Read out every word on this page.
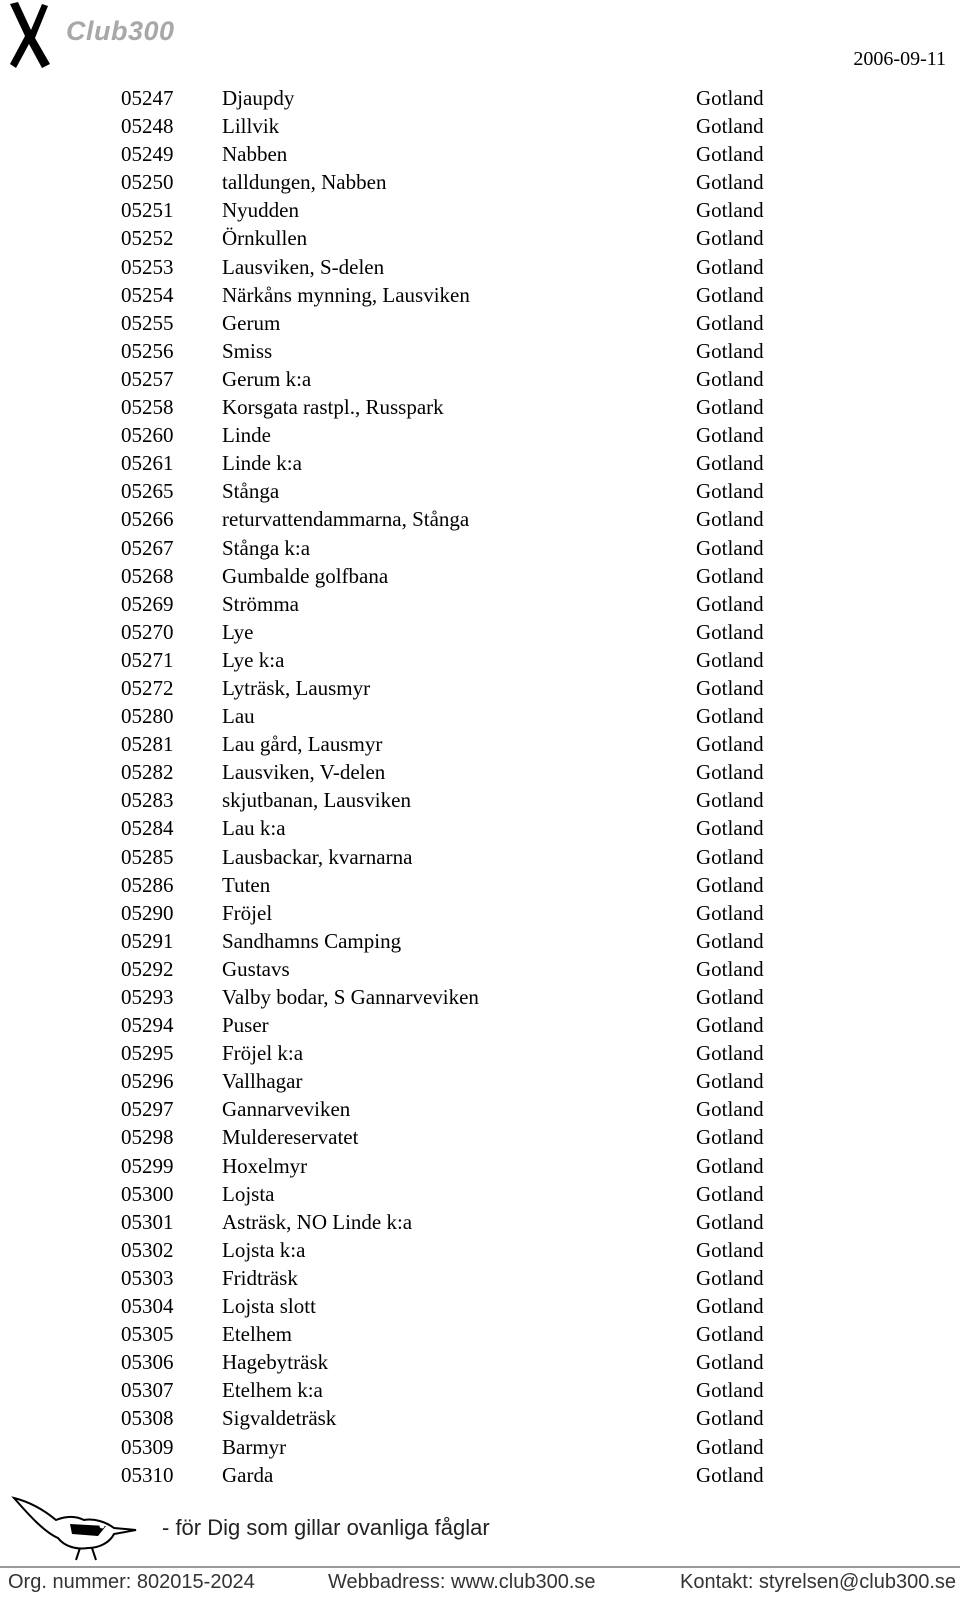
Club300
2006-09-11
05247 Djaupdy	Gotland
05248 Lillvik	Gotland
05249 Nabben	Gotland
05250 talldungen, Nabben	Gotland
05251 Nyudden	Gotland
05252 Örnkullen	Gotland
05253 Lausviken, S-delen	Gotland
05254 Närkåns mynning, Lausviken	Gotland
05255 Gerum	Gotland
05256 Smiss	Gotland
05257 Gerum k:a	Gotland
05258 Korsgata rastpl., Russpark	Gotland
05260 Linde	Gotland
05261 Linde k:a	Gotland
05265 Stånga	Gotland
05266 returvattendammarna, Stånga	Gotland
05267 Stånga k:a	Gotland
05268 Gumbalde golfbana	Gotland
05269 Strömma	Gotland
05270 Lye	Gotland
05271 Lye k:a	Gotland
05272 Lyträsk, Lausmyr	Gotland
05280 Lau	Gotland
05281 Lau gård, Lausmyr	Gotland
05282 Lausviken, V-delen	Gotland
05283 skjutbanan, Lausviken	Gotland
05284 Lau k:a	Gotland
05285 Lausbackar, kvarnarna	Gotland
05286 Tuten	Gotland
05290 Fröjel	Gotland
05291 Sandhamns Camping	Gotland
05292 Gustavs	Gotland
05293 Valby bodar, S Gannarveviken	Gotland
05294 Puser	Gotland
05295 Fröjel k:a	Gotland
05296 Vallhagar	Gotland
05297 Gannarveviken	Gotland
05298 Muldereservatet	Gotland
05299 Hoxelmyr	Gotland
05300 Lojsta	Gotland
05301 Asträsk, NO Linde k:a	Gotland
05302 Lojsta k:a	Gotland
05303 Fridträsk	Gotland
05304 Lojsta slott	Gotland
05305 Etelhem	Gotland
05306 Hagebyträsk	Gotland
05307 Etelhem k:a	Gotland
05308 Sigvaldeträsk	Gotland
05309 Barmyr	Gotland
05310 Garda	Gotland
- för Dig som gillar ovanliga fåglar
Org. nummer: 802015-2024	Webbadress: www.club300.se	Kontakt: styrelsen@club300.se
